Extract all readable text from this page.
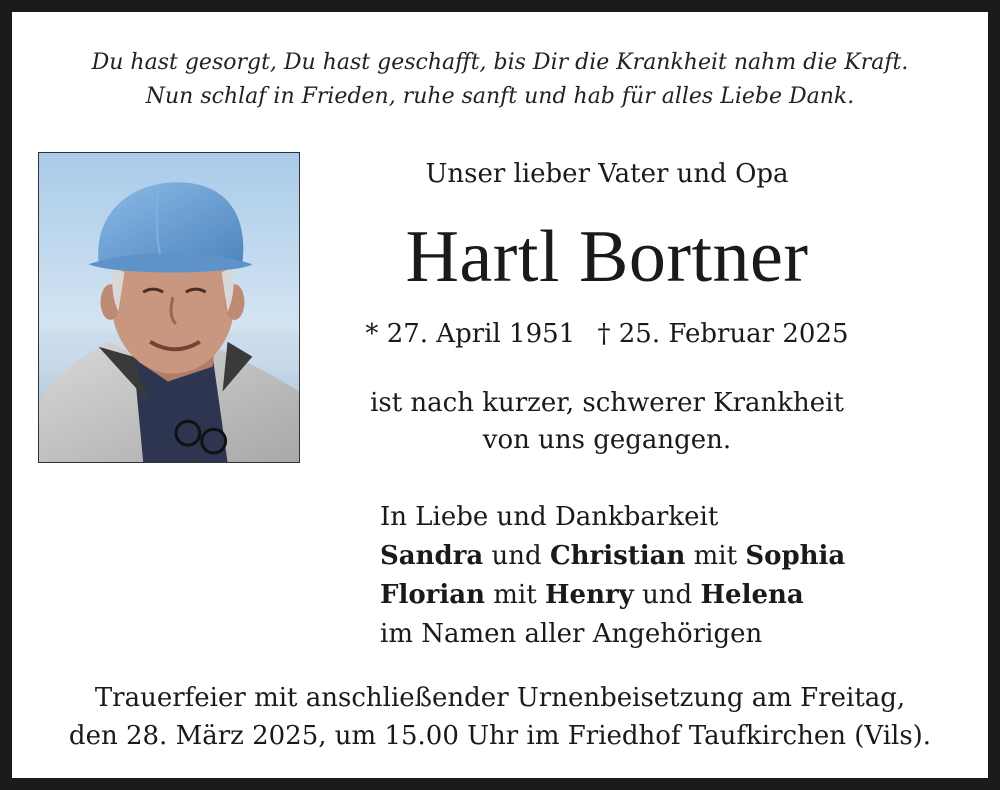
Du hast gesorgt, Du hast geschafft, bis Dir die Krankheit nahm die Kraft.
Nun schlaf in Frieden, ruhe sanft und hab für alles Liebe Dank.
Unser lieber Vater und Opa
Hartl Bortner
* 27. April 1951 † 25. Februar 2025
ist nach kurzer, schwerer Krankheit
von uns gegangen.
In Liebe und Dankbarkeit
Sandra und Christian mit Sophia
Florian mit Henry und Helena
im Namen aller Angehörigen
Trauerfeier mit anschließender Urnenbeisetzung am Freitag,
den 28. März 2025, um 15.00 Uhr im Friedhof Taufkirchen (Vils).
